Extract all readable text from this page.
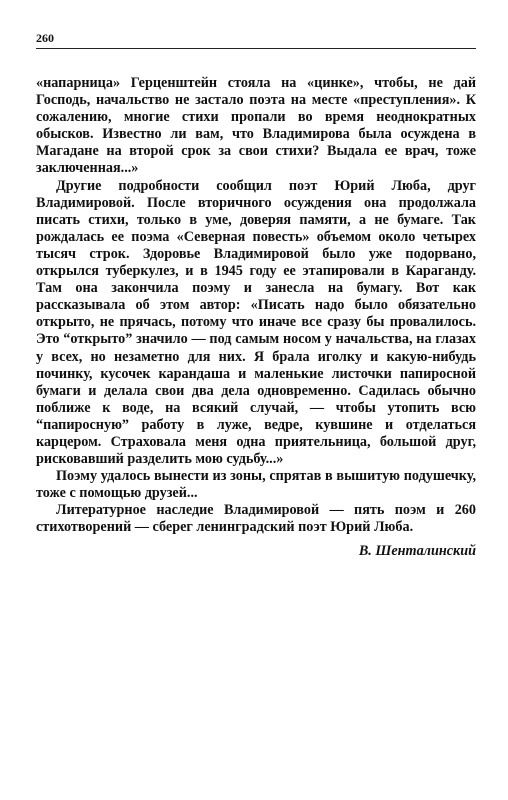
260

«напарница» Герценштейн стояла на «цинке», чтобы, не дай Господь, начальство не застало поэта на месте «преступления». К сожалению, многие стихи пропали во время неоднократных обысков. Известно ли вам, что Владимирова была осуждена в Магадане на второй срок за свои стихи? Выдала ее врач, тоже заключенная...»

Другие подробности сообщил поэт Юрий Люба, друг Владимировой. После вторичного осуждения она продолжала писать стихи, только в уме, доверяя памяти, а не бумаге. Так рождалась ее поэма «Северная повесть» объемом около четырех тысяч строк. Здоровье Владимировой было уже подорвано, открылся туберкулез, и в 1945 году ее этапировали в Караганду. Там она закончила поэму и занесла на бумагу. Вот как рассказывала об этом автор: «Писать надо было обязательно открыто, не прячась, потому что иначе все сразу бы провалилось. Это “открыто” значило — под самым носом у начальства, на глазах у всех, но незаметно для них. Я брала иголку и какую-нибудь починку, кусочек карандаша и маленькие листочки папиросной бумаги и делала свои два дела одновременно. Садилась обычно поближе к воде, на всякий случай, — чтобы утопить всю “папиросную” работу в луже, ведре, кувшине и отделаться карцером. Страховала меня одна приятельница, большой друг, рисковавший разделить мою судьбу...»

Поэму удалось вынести из зоны, спрятав в вышитую подушечку, тоже с помощью друзей...

Литературное наследие Владимировой — пять поэм и 260 стихотворений — сберег ленинградский поэт Юрий Люба.

В. Шенталинский
